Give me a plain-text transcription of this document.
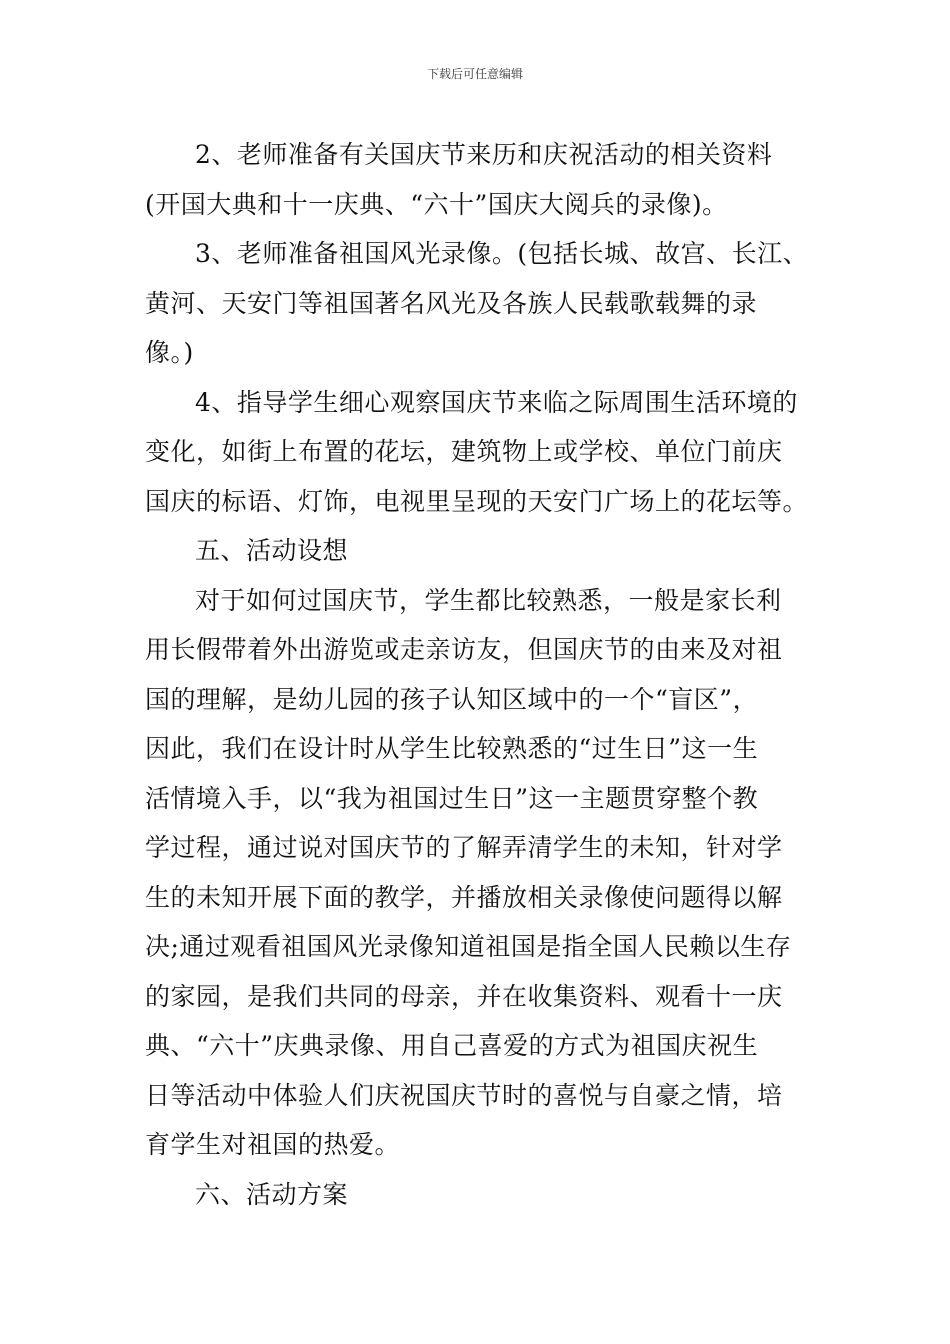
下载后可任意编辑
2、老师准备有关国庆节来历和庆祝活动的相关资料
(开国大典和十一庆典、“六十”国庆大阅兵的录像)。
3、老师准备祖国风光录像。(包括长城、故宫、长江、
黄河、天安门等祖国著名风光及各族人民载歌载舞的录
像。)
4、指导学生细心观察国庆节来临之际周围生活环境的
变化，如街上布置的花坛，建筑物上或学校、单位门前庆
国庆的标语、灯饰，电视里呈现的天安门广场上的花坛等。
五、活动设想
对于如何过国庆节，学生都比较熟悉，一般是家长利
用长假带着外出游览或走亲访友，但国庆节的由来及对祖
国的理解，是幼儿园的孩子认知区域中的一个“盲区”，
因此，我们在设计时从学生比较熟悉的“过生日”这一生
活情境入手，以“我为祖国过生日”这一主题贯穿整个教
学过程，通过说对国庆节的了解弄清学生的未知，针对学
生的未知开展下面的教学，并播放相关录像使问题得以解
决;通过观看祖国风光录像知道祖国是指全国人民赖以生存
的家园，是我们共同的母亲，并在收集资料、观看十一庆
典、“六十”庆典录像、用自己喜爱的方式为祖国庆祝生
日等活动中体验人们庆祝国庆节时的喜悦与自豪之情，培
育学生对祖国的热爱。
六、活动方案
